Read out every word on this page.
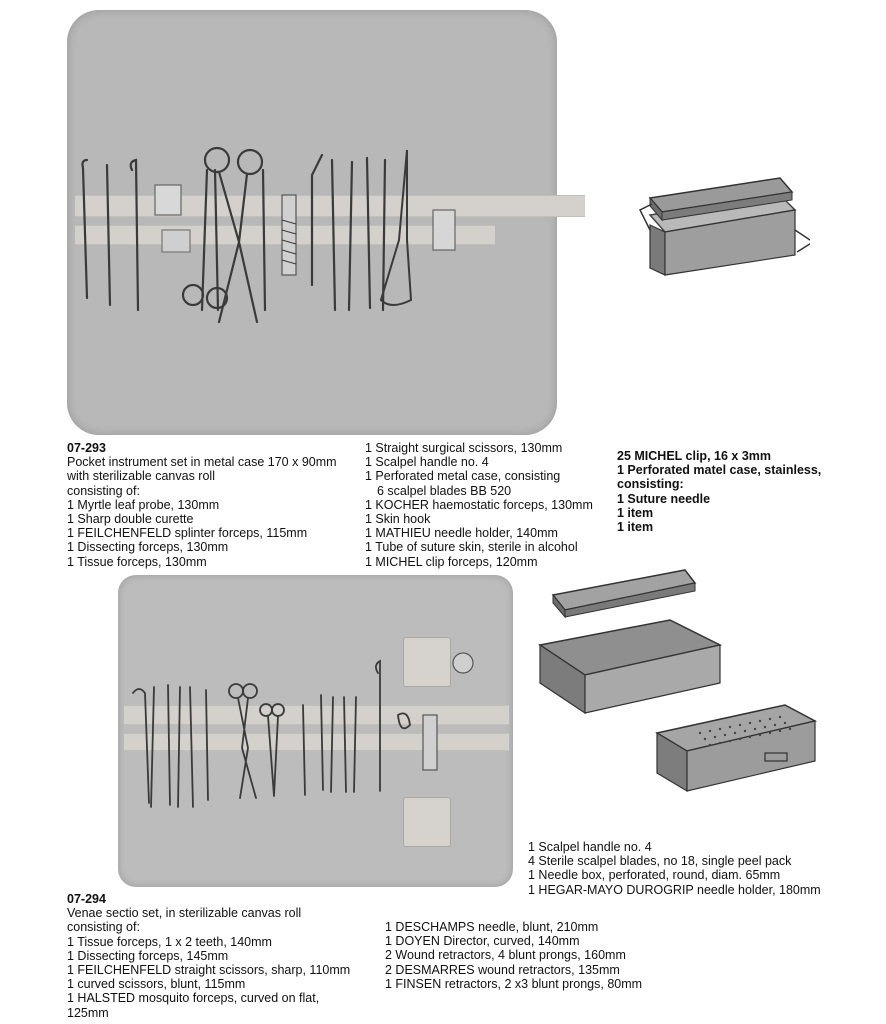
07-293
Pocket instrument set in metal case 170 x 90mm
with sterilizable canvas roll
consisting of:
1 Myrtle leaf probe, 130mm
1 Sharp double curette
1 FEILCHENFELD splinter forceps, 115mm
1 Dissecting forceps, 130mm
1 Tissue forceps, 130mm
1 Straight surgical scissors, 130mm
1 Scalpel handle no. 4
1 Perforated metal case, consisting
6 scalpel blades BB 520
1 KOCHER haemostatic forceps, 130mm
1 Skin hook
1 MATHIEU needle holder, 140mm
1 Tube of suture skin, sterile in alcohol
1 MICHEL clip forceps, 120mm
25 MICHEL clip, 16 x 3mm
1 Perforated matel case, stainless,
consisting:
1 Suture needle
1 item
1 item
1 Scalpel handle no. 4
4 Sterile scalpel blades, no 18, single peel pack
1 Needle box, perforated, round, diam. 65mm
1 HEGAR-MAYO DUROGRIP needle holder, 180mm
07-294
Venae sectio set, in sterilizable canvas roll
consisting of:
1 Tissue forceps, 1 x 2 teeth, 140mm
1 Dissecting forceps, 145mm
1 FEILCHENFELD straight scissors, sharp, 110mm
1 curved scissors, blunt, 115mm
1 HALSTED mosquito forceps, curved on flat,
125mm
1 DESCHAMPS needle, blunt, 210mm
1 DOYEN Director, curved, 140mm
2 Wound retractors, 4 blunt prongs, 160mm
2 DESMARRES wound retractors, 135mm
1 FINSEN retractors, 2 x3 blunt prongs, 80mm
